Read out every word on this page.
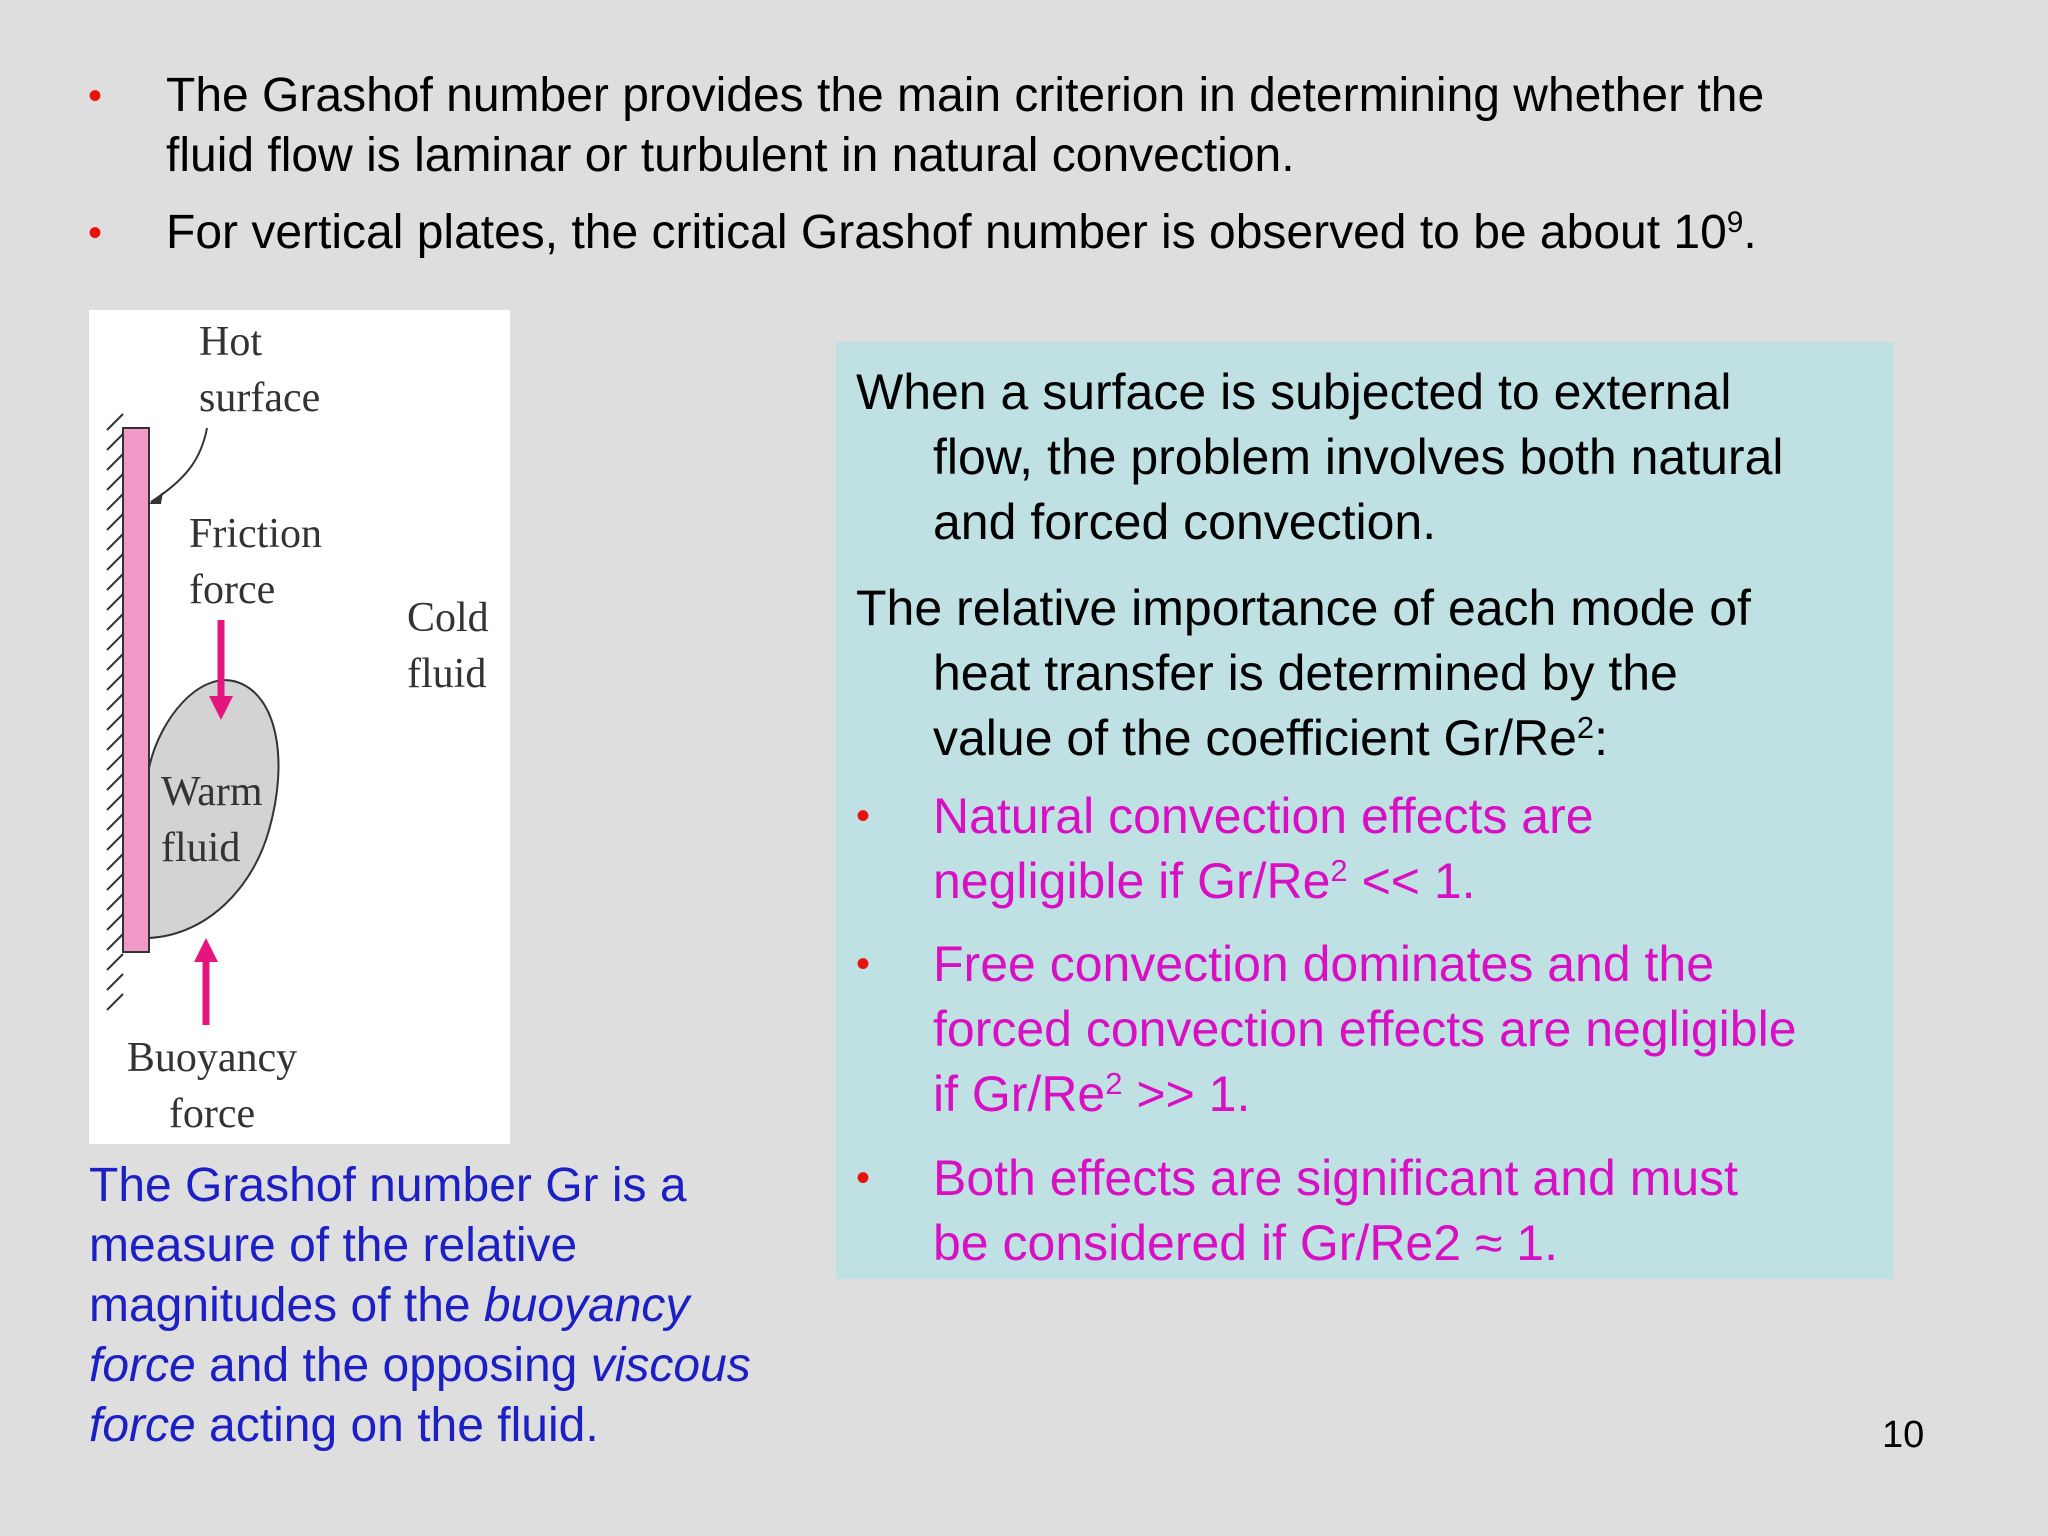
• The Grashof number provides the main criterion in determining whether the
fluid flow is laminar or turbulent in natural convection.
• For vertical plates, the critical Grashof number is observed to be about $10^9$.
Hot
surface
Friction
force
Cold
fluid
Warm
fluid
Buoyancy
force
The Grashof number Gr is a
measure of the relative
magnitudes of the buoyancy
force and the opposing viscous
force acting on the fluid.
When a surface is subjected to external
flow, the problem involves both natural
and forced convection.
The relative importance of each mode of
heat transfer is determined by the
value of the coefficient Gr/Re$^2$:
• Natural convection effects are
negligible if $Gr/Re^2 << 1$.
• Free convection dominates and the
forced convection effects are negligible
if $Gr/Re^2 >> 1$.
• Both effects are significant and must
be considered if Gr/Re2 ≈ 1.
10
